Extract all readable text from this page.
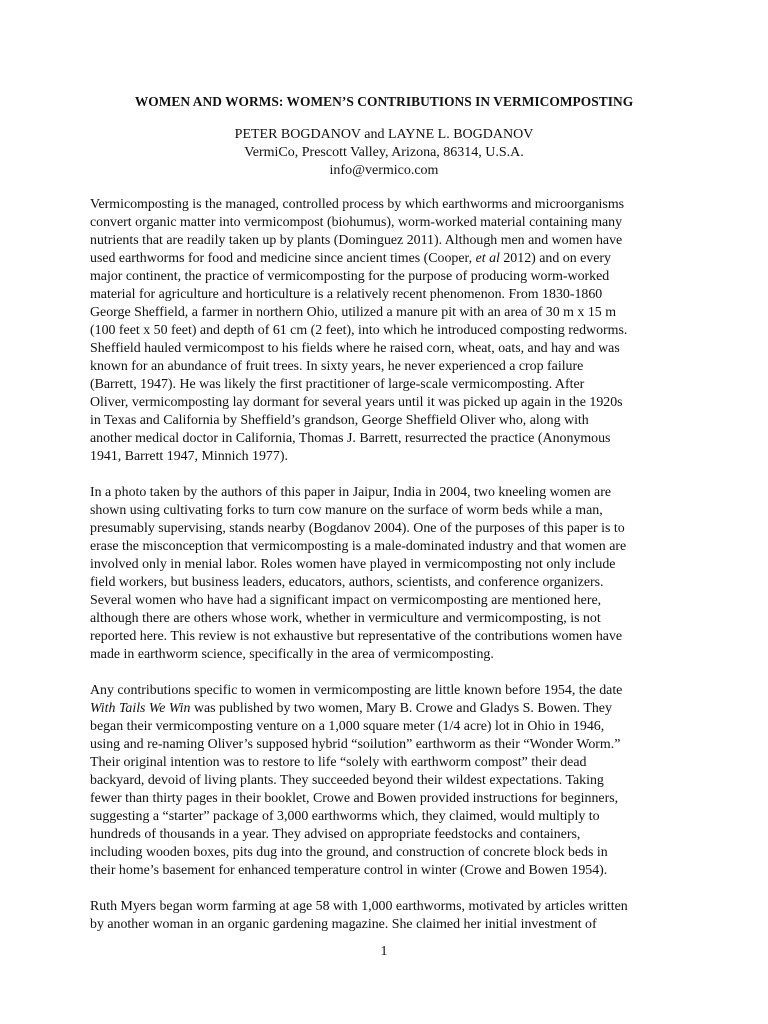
WOMEN AND WORMS: WOMEN’S CONTRIBUTIONS IN VERMICOMPOSTING
PETER BOGDANOV and LAYNE L. BOGDANOV
VermiCo, Prescott Valley, Arizona, 86314, U.S.A.
info@vermico.com
Vermicomposting is the managed, controlled process by which earthworms and microorganisms
convert organic matter into vermicompost (biohumus), worm-worked material containing many
nutrients that are readily taken up by plants (Dominguez 2011). Although men and women have
used earthworms for food and medicine since ancient times (Cooper, et al 2012) and on every
major continent, the practice of vermicomposting for the purpose of producing worm-worked
material for agriculture and horticulture is a relatively recent phenomenon. From 1830-1860
George Sheffield, a farmer in northern Ohio, utilized a manure pit with an area of 30 m x 15 m
(100 feet x 50 feet) and depth of 61 cm (2 feet), into which he introduced composting redworms.
Sheffield hauled vermicompost to his fields where he raised corn, wheat, oats, and hay and was
known for an abundance of fruit trees. In sixty years, he never experienced a crop failure
(Barrett, 1947). He was likely the first practitioner of large-scale vermicomposting. After
Oliver, vermicomposting lay dormant for several years until it was picked up again in the 1920s
in Texas and California by Sheffield’s grandson, George Sheffield Oliver who, along with
another medical doctor in California, Thomas J. Barrett, resurrected the practice (Anonymous
1941, Barrett 1947, Minnich 1977).
In a photo taken by the authors of this paper in Jaipur, India in 2004, two kneeling women are
shown using cultivating forks to turn cow manure on the surface of worm beds while a man,
presumably supervising, stands nearby (Bogdanov 2004). One of the purposes of this paper is to
erase the misconception that vermicomposting is a male-dominated industry and that women are
involved only in menial labor. Roles women have played in vermicomposting not only include
field workers, but business leaders, educators, authors, scientists, and conference organizers.
Several women who have had a significant impact on vermicomposting are mentioned here,
although there are others whose work, whether in vermiculture and vermicomposting, is not
reported here. This review is not exhaustive but representative of the contributions women have
made in earthworm science, specifically in the area of vermicomposting.
Any contributions specific to women in vermicomposting are little known before 1954, the date
With Tails We Win was published by two women, Mary B. Crowe and Gladys S. Bowen. They
began their vermicomposting venture on a 1,000 square meter (1/4 acre) lot in Ohio in 1946,
using and re-naming Oliver’s supposed hybrid “soilution” earthworm as their “Wonder Worm.”
Their original intention was to restore to life “solely with earthworm compost” their dead
backyard, devoid of living plants. They succeeded beyond their wildest expectations. Taking
fewer than thirty pages in their booklet, Crowe and Bowen provided instructions for beginners,
suggesting a “starter” package of 3,000 earthworms which, they claimed, would multiply to
hundreds of thousands in a year. They advised on appropriate feedstocks and containers,
including wooden boxes, pits dug into the ground, and construction of concrete block beds in
their home’s basement for enhanced temperature control in winter (Crowe and Bowen 1954).
Ruth Myers began worm farming at age 58 with 1,000 earthworms, motivated by articles written
by another woman in an organic gardening magazine. She claimed her initial investment of
1
